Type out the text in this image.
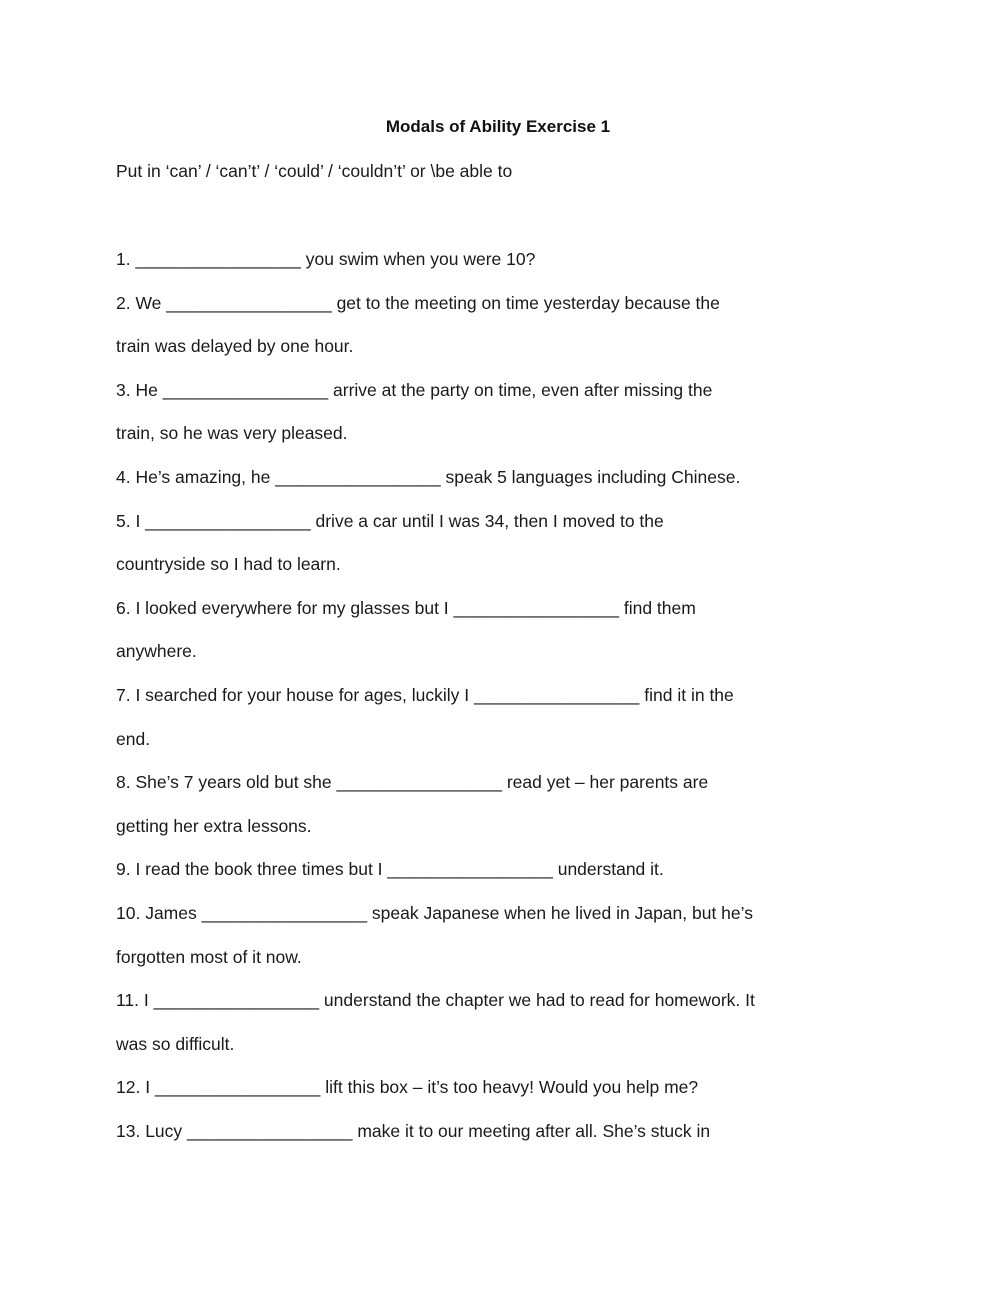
Modals of Ability Exercise 1
Put in ‘can’ / ‘can’t’ / ‘could’ / ‘couldn’t’ or \be able to
1. _________________ you swim when you were 10?
2. We _________________ get to the meeting on time yesterday because the
train was delayed by one hour.
3. He _________________ arrive at the party on time, even after missing the
train, so he was very pleased.
4. He’s amazing, he _________________ speak 5 languages including Chinese.
5. I _________________ drive a car until I was 34, then I moved to the
countryside so I had to learn.
6. I looked everywhere for my glasses but I _________________ find them
anywhere.
7. I searched for your house for ages, luckily I _________________ find it in the
end.
8. She’s 7 years old but she _________________ read yet – her parents are
getting her extra lessons.
9. I read the book three times but I _________________ understand it.
10. James _________________ speak Japanese when he lived in Japan, but he’s
forgotten most of it now.
11. I _________________ understand the chapter we had to read for homework. It
was so difficult.
12. I _________________ lift this box – it’s too heavy! Would you help me?
13. Lucy _________________ make it to our meeting after all. She’s stuck in
